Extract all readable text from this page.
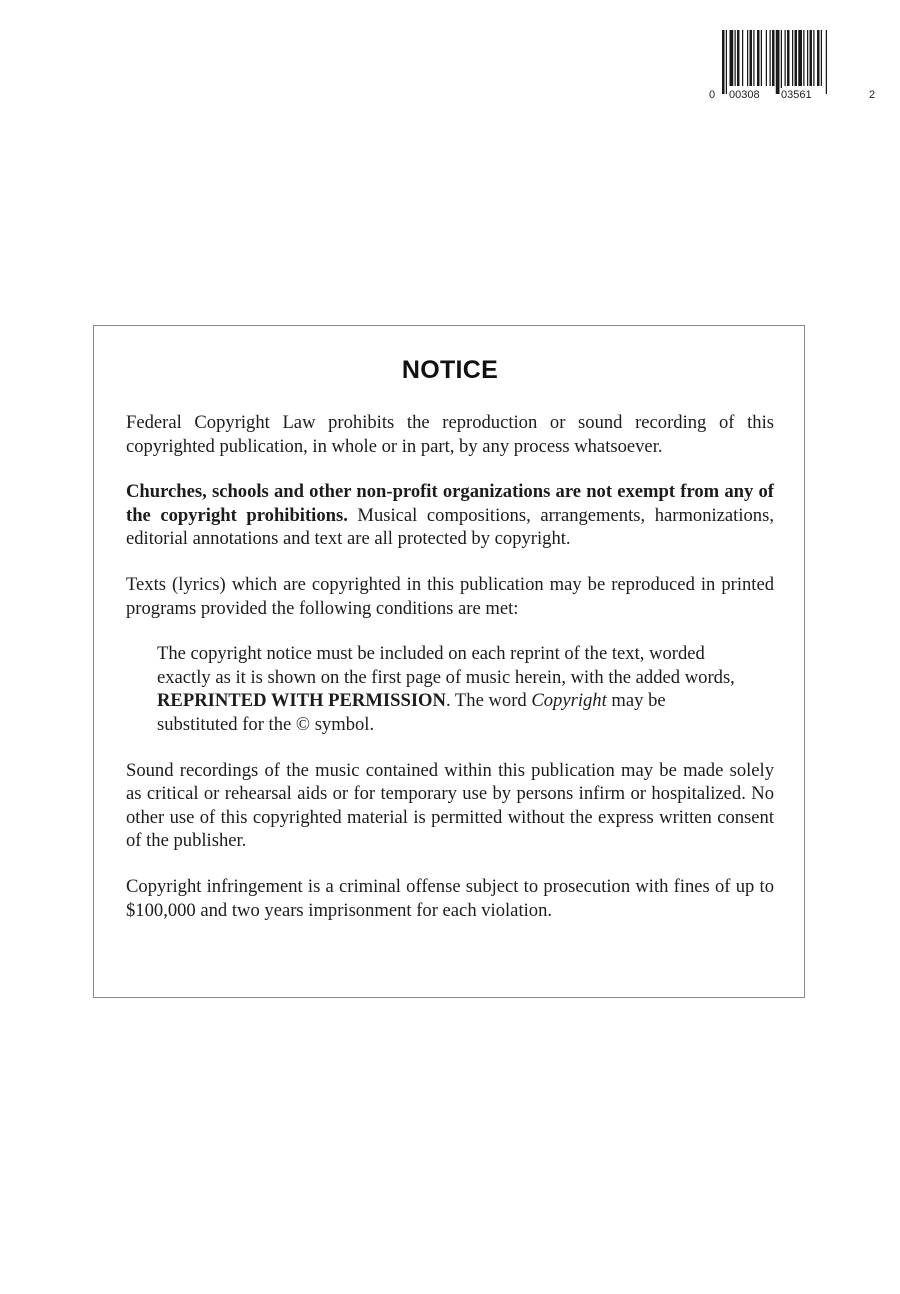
0 00308 03561	2
NOTICE

Federal Copyright Law prohibits the reproduction or sound recording of this copyrighted publication, in whole or in part, by any process whatsoever.

Churches, schools and other non-profit organizations are not exempt from any of the copyright prohibitions. Musical compositions, arrangements, harmonizations, editorial annotations and text are all protected by copyright.

Texts (lyrics) which are copyrighted in this publication may be reproduced in printed programs provided the following conditions are met:

The copyright notice must be included on each reprint of the text, worded exactly as it is shown on the first page of music herein, with the added words, REPRINTED WITH PERMISSION. The word Copyright may be substituted for the © symbol.

Sound recordings of the music contained within this publication may be made solely as critical or rehearsal aids or for temporary use by persons infirm or hospitalized. No other use of this copyrighted material is permitted without the express written consent of the publisher.

Copyright infringement is a criminal offense subject to prosecution with fines of up to $100,000 and two years imprisonment for each violation.
